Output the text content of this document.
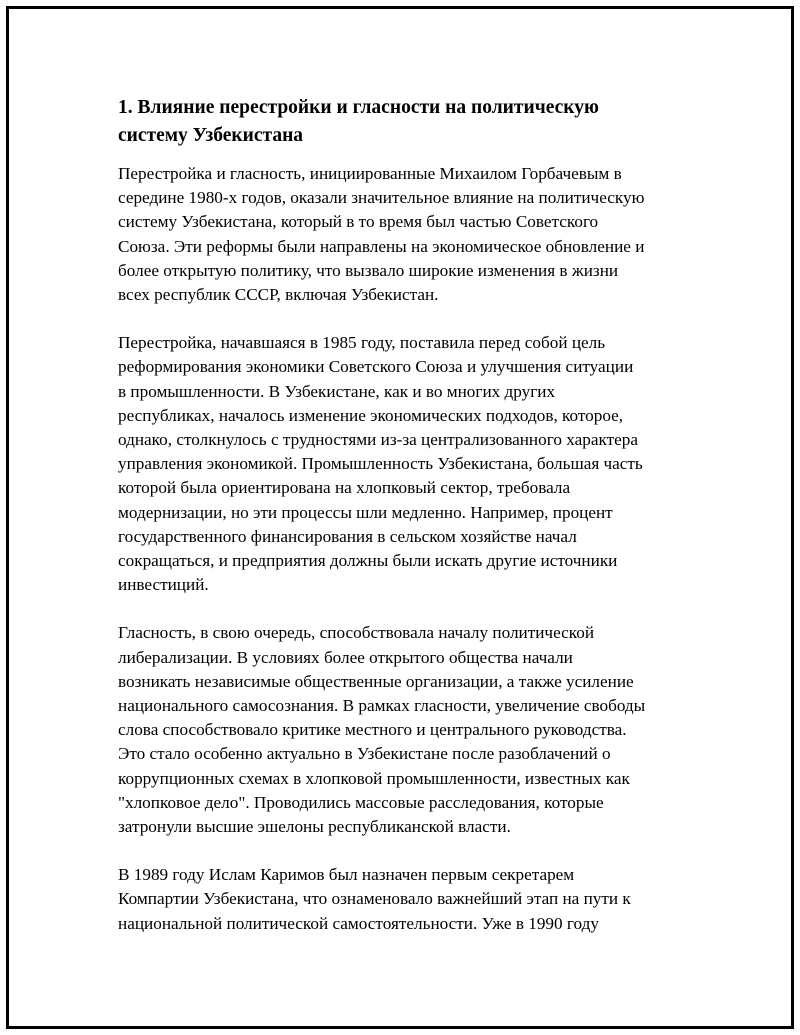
1. Влияние перестройки и гласности на политическую
систему Узбекистана

Перестройка и гласность, инициированные Михаилом Горбачевым в
середине 1980-х годов, оказали значительное влияние на политическую
систему Узбекистана, который в то время был частью Советского
Союза. Эти реформы были направлены на экономическое обновление и
более открытую политику, что вызвало широкие изменения в жизни
всех республик СССР, включая Узбекистан.

Перестройка, начавшаяся в 1985 году, поставила перед собой цель
реформирования экономики Советского Союза и улучшения ситуации
в промышленности. В Узбекистане, как и во многих других
республиках, началось изменение экономических подходов, которое,
однако, столкнулось с трудностями из-за централизованного характера
управления экономикой. Промышленность Узбекистана, большая часть
которой была ориентирована на хлопковый сектор, требовала
модернизации, но эти процессы шли медленно. Например, процент
государственного финансирования в сельском хозяйстве начал
сокращаться, и предприятия должны были искать другие источники
инвестиций.

Гласность, в свою очередь, способствовала началу политической
либерализации. В условиях более открытого общества начали
возникать независимые общественные организации, а также усиление
национального самосознания. В рамках гласности, увеличение свободы
слова способствовало критике местного и центрального руководства.
Это стало особенно актуально в Узбекистане после разоблачений о
коррупционных схемах в хлопковой промышленности, известных как
"хлопковое дело". Проводились массовые расследования, которые
затронули высшие эшелоны республиканской власти.

В 1989 году Ислам Каримов был назначен первым секретарем
Компартии Узбекистана, что ознаменовало важнейший этап на пути к
национальной политической самостоятельности. Уже в 1990 году
